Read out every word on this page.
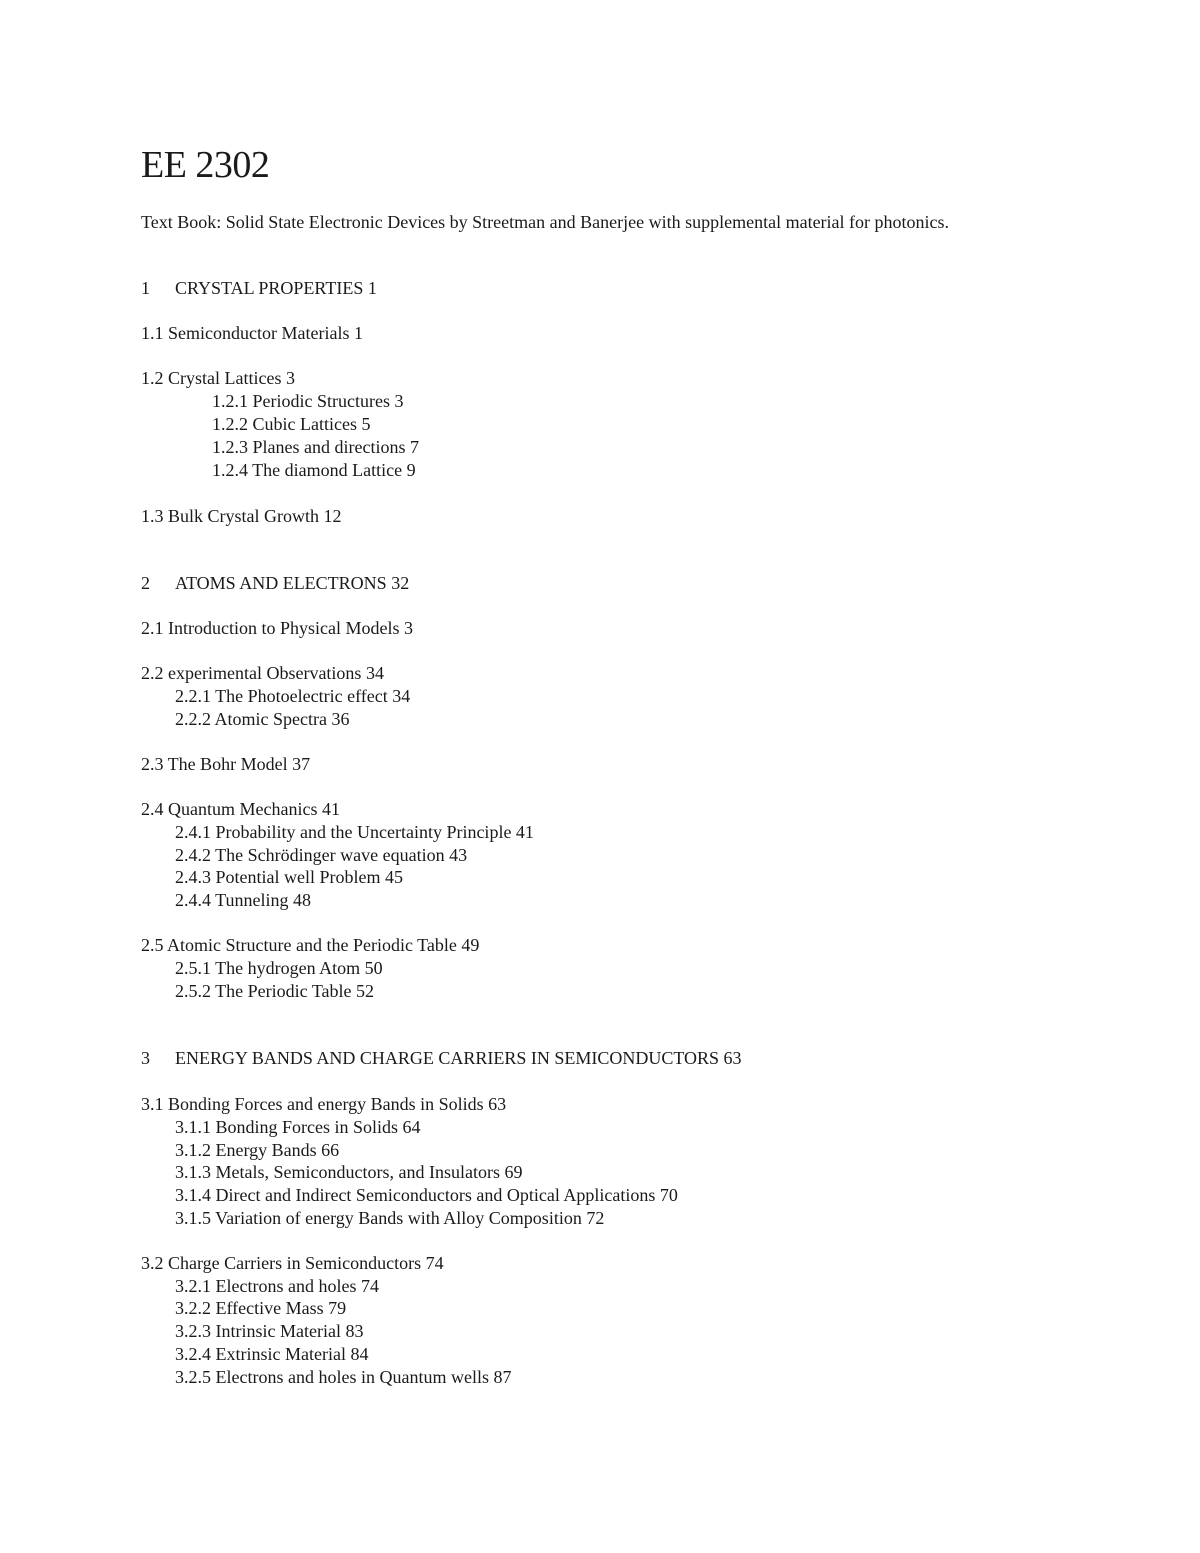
EE 2302
Text Book: Solid State Electronic Devices by Streetman and Banerjee with supplemental material for photonics.
1 CRYSTAL PROPERTIES 1
1.1 Semiconductor Materials 1
1.2 Crystal Lattices 3
1.2.1 Periodic Structures 3
1.2.2 Cubic Lattices 5
1.2.3 Planes and directions 7
1.2.4 The diamond Lattice 9
1.3 Bulk Crystal Growth 12
2 ATOMS AND ELECTRONS 32
2.1 Introduction to Physical Models 3
2.2 experimental Observations 34
2.2.1 The Photoelectric effect 34
2.2.2 Atomic Spectra 36
2.3 The Bohr Model 37
2.4 Quantum Mechanics 41
2.4.1 Probability and the Uncertainty Principle 41
2.4.2 The Schrödinger wave equation 43
2.4.3 Potential well Problem 45
2.4.4 Tunneling 48
2.5 Atomic Structure and the Periodic Table 49
2.5.1 The hydrogen Atom 50
2.5.2 The Periodic Table 52
3 ENERGY BANDS AND CHARGE CARRIERS IN SEMICONDUCTORS 63
3.1 Bonding Forces and energy Bands in Solids 63
3.1.1 Bonding Forces in Solids 64
3.1.2 Energy Bands 66
3.1.3 Metals, Semiconductors, and Insulators 69
3.1.4 Direct and Indirect Semiconductors and Optical Applications 70
3.1.5 Variation of energy Bands with Alloy Composition 72
3.2 Charge Carriers in Semiconductors 74
3.2.1 Electrons and holes 74
3.2.2 Effective Mass 79
3.2.3 Intrinsic Material 83
3.2.4 Extrinsic Material 84
3.2.5 Electrons and holes in Quantum wells 87
